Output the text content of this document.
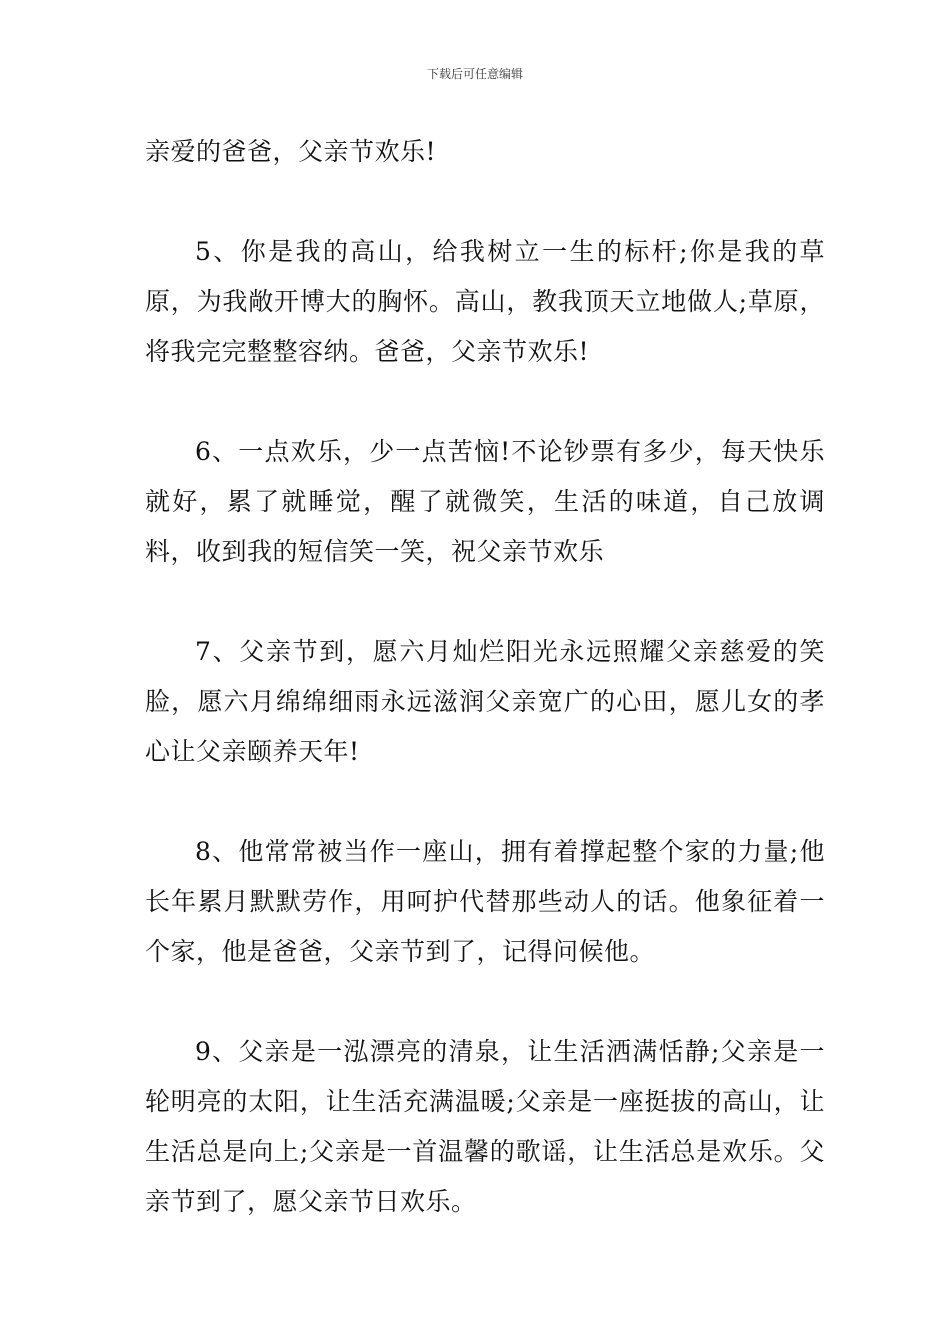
下载后可任意编辑

亲爱的爸爸，父亲节欢乐!

5、你是我的高山，给我树立一生的标杆;你是我的草原，为我敞开博大的胸怀。高山，教我顶天立地做人;草原，将我完完整整容纳。爸爸，父亲节欢乐!

6、一点欢乐，少一点苦恼!不论钞票有多少，每天快乐就好，累了就睡觉，醒了就微笑，生活的味道，自己放调料，收到我的短信笑一笑，祝父亲节欢乐

7、父亲节到，愿六月灿烂阳光永远照耀父亲慈爱的笑脸，愿六月绵绵细雨永远滋润父亲宽广的心田，愿儿女的孝心让父亲颐养天年!

8、他常常被当作一座山，拥有着撑起整个家的力量;他长年累月默默劳作，用呵护代替那些动人的话。他象征着一个家，他是爸爸，父亲节到了，记得问候他。

9、父亲是一泓漂亮的清泉，让生活洒满恬静;父亲是一轮明亮的太阳，让生活充满温暖;父亲是一座挺拔的高山，让生活总是向上;父亲是一首温馨的歌谣，让生活总是欢乐。父亲节到了，愿父亲节日欢乐。
